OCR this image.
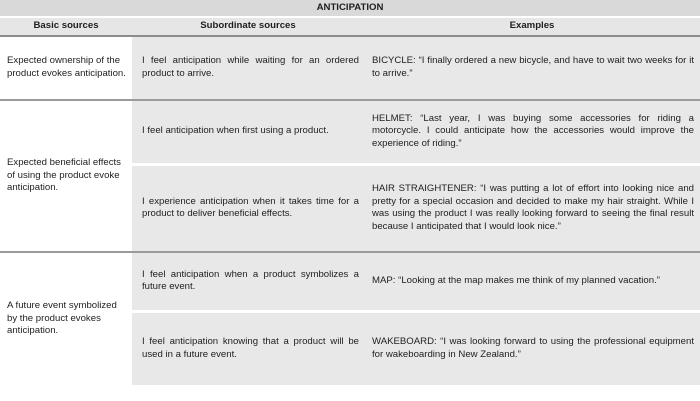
ANTICIPATION		
Basic sources	Subordinate sources	Examples
Expected ownership of the product evokes anticipation.	I feel anticipation while waiting for an ordered product to arrive.	BICYCLE: “I finally ordered a new bicycle, and have to wait two weeks for it to arrive.”
Expected beneficial effects of using the product evoke anticipation.	I feel anticipation when first using a product.	HELMET: “Last year, I was buying some accessories for riding a motorcycle. I could anticipate how the accessories would improve the experience of riding.”
	I experience anticipation when it takes time for a product to deliver beneficial effects.	HAIR STRAIGHTENER: “I was putting a lot of effort into looking nice and pretty for a special occasion and decided to make my hair straight. While I was using the product I was really looking forward to seeing the final result because I anticipated that I would look nice.”
A future event symbolized by the product evokes anticipation.	I feel anticipation when a product symbolizes a future event.	MAP: “Looking at the map makes me think of my planned vacation.”
	I feel anticipation knowing that a product will be used in a future event.	WAKEBOARD: “I was looking forward to using the professional equipment for wakeboarding in New Zealand.”
